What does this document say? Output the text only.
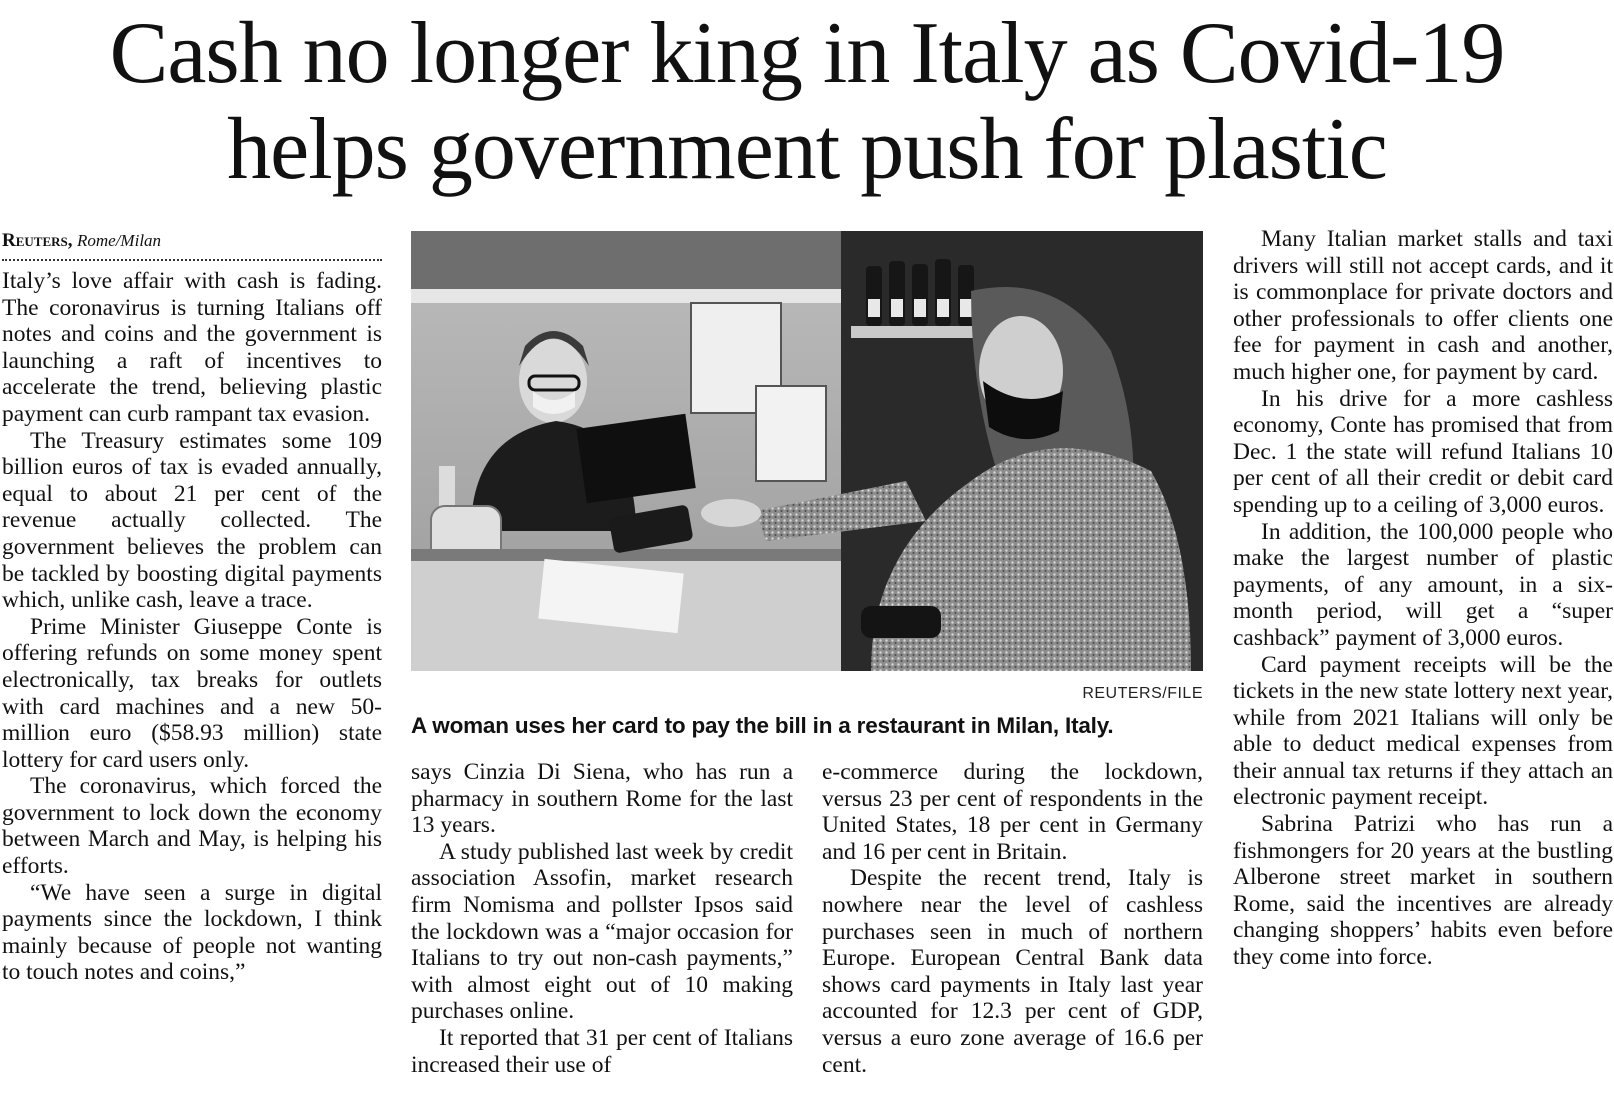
Cash no longer king in Italy as Covid-19
helps government push for plastic
Reuters, Rome/Milan

Italy’s love affair with cash is fading. The coronavirus is turning Italians off notes and coins and the government is launching a raft of incentives to accelerate the trend, believing plastic payment can curb rampant tax evasion.

The Treasury estimates some 109 billion euros of tax is evaded annually, equal to about 21 per cent of the revenue actually collected. The government believes the problem can be tackled by boosting digital payments which, unlike cash, leave a trace.

Prime Minister Giuseppe Conte is offering refunds on some money spent electronically, tax breaks for outlets with card machines and a new 50-million euro ($58.93 million) state lottery for card users only.

The coronavirus, which forced the government to lock down the economy between March and May, is helping his efforts.

“We have seen a surge in digital payments since the lockdown, I think mainly because of people not wanting to touch notes and coins,”

REUTERS/FILE
A woman uses her card to pay the bill in a restaurant in Milan, Italy.

says Cinzia Di Siena, who has run a pharmacy in southern Rome for the last 13 years.

A study published last week by credit association Assofin, market research firm Nomisma and pollster Ipsos said the lockdown was a “major occasion for Italians to try out non-cash payments,” with almost eight out of 10 making purchases online.

It reported that 31 per cent of Italians increased their use of

e-commerce during the lockdown, versus 23 per cent of respondents in the United States, 18 per cent in Germany and 16 per cent in Britain.

Despite the recent trend, Italy is nowhere near the level of cashless purchases seen in much of northern Europe. European Central Bank data shows card payments in Italy last year accounted for 12.3 per cent of GDP, versus a euro zone average of 16.6 per cent.

Many Italian market stalls and taxi drivers will still not accept cards, and it is commonplace for private doctors and other professionals to offer clients one fee for payment in cash and another, much higher one, for payment by card.

In his drive for a more cashless economy, Conte has promised that from Dec. 1 the state will refund Italians 10 per cent of all their credit or debit card spending up to a ceiling of 3,000 euros.

In addition, the 100,000 people who make the largest number of plastic payments, of any amount, in a six-month period, will get a “super cashback” payment of 3,000 euros.

Card payment receipts will be the tickets in the new state lottery next year, while from 2021 Italians will only be able to deduct medical expenses from their annual tax returns if they attach an electronic payment receipt.

Sabrina Patrizi who has run a fishmongers for 20 years at the bustling Alberone street market in southern Rome, said the incentives are already changing shoppers’ habits even before they come into force.
